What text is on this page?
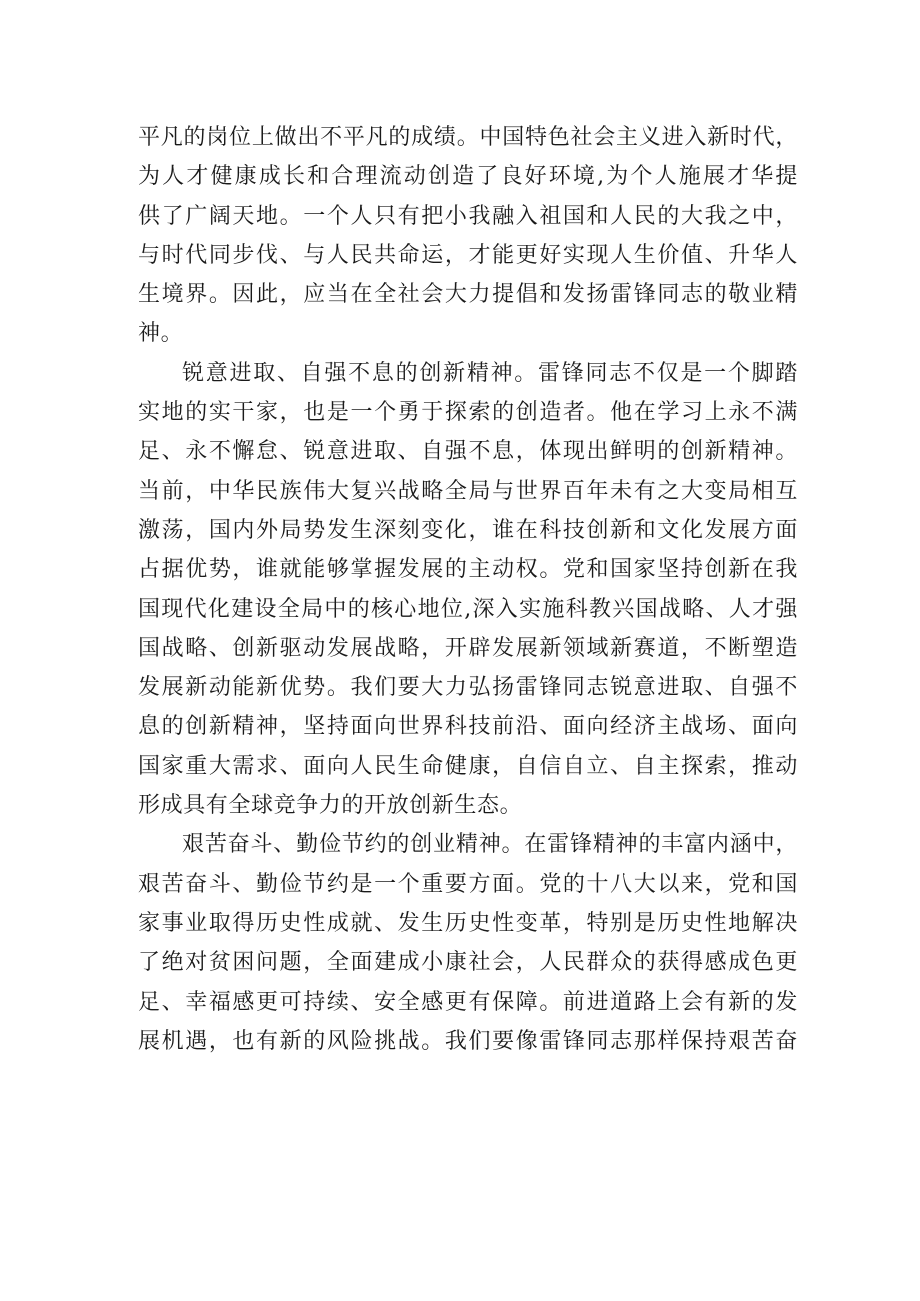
平凡的岗位上做出不平凡的成绩。中国特色社会主义进入新时代，
为人才健康成长和合理流动创造了良好环境,为个人施展才华提
供了广阔天地。一个人只有把小我融入祖国和人民的大我之中，
与时代同步伐、与人民共命运，才能更好实现人生价值、升华人
生境界。因此，应当在全社会大力提倡和发扬雷锋同志的敬业精
神。
锐意进取、自强不息的创新精神。雷锋同志不仅是一个脚踏
实地的实干家，也是一个勇于探索的创造者。他在学习上永不满
足、永不懈怠、锐意进取、自强不息，体现出鲜明的创新精神。
当前，中华民族伟大复兴战略全局与世界百年未有之大变局相互
激荡，国内外局势发生深刻变化，谁在科技创新和文化发展方面
占据优势，谁就能够掌握发展的主动权。党和国家坚持创新在我
国现代化建设全局中的核心地位,深入实施科教兴国战略、人才强
国战略、创新驱动发展战略，开辟发展新领域新赛道，不断塑造
发展新动能新优势。我们要大力弘扬雷锋同志锐意进取、自强不
息的创新精神，坚持面向世界科技前沿、面向经济主战场、面向
国家重大需求、面向人民生命健康，自信自立、自主探索，推动
形成具有全球竞争力的开放创新生态。
艰苦奋斗、勤俭节约的创业精神。在雷锋精神的丰富内涵中，
艰苦奋斗、勤俭节约是一个重要方面。党的十八大以来，党和国
家事业取得历史性成就、发生历史性变革，特别是历史性地解决
了绝对贫困问题，全面建成小康社会，人民群众的获得感成色更
足、幸福感更可持续、安全感更有保障。前进道路上会有新的发
展机遇，也有新的风险挑战。我们要像雷锋同志那样保持艰苦奋
